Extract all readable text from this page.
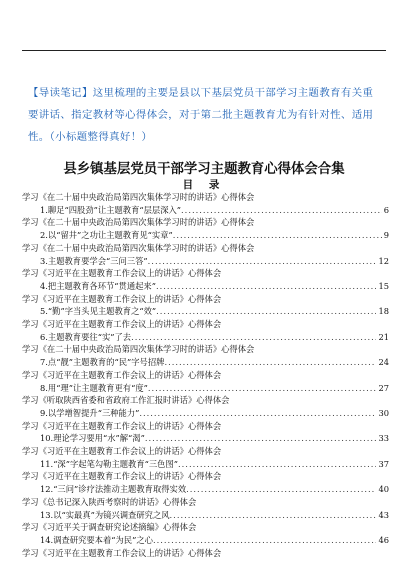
【导读笔记】这里梳理的主要是县以下基层党员干部学习主题教育有关重要讲话、指定教材等心得体会，对于第二批主题教育尤为有针对性、适用性。（小标题整得真好！）
县乡镇基层党员干部学习主题教育心得体会合集
目 录
学习《在二十届中央政治局第四次集体学习时的讲话》心得体会
1.聊足“四股劲”让主题教育“层层深入” .....	6
学习《在二十届中央政治局第四次集体学习时的讲话》心得体会
2.以“留井”之功让主题教育见“实章” .....	9
学习《在二十届中央政治局第四次集体学习时的讲话》心得体会
3.主题教育要学会“三问三答” .....	12
学习《习近平在主题教育工作会议上的讲话》心得体会
4.把主题教育各环节“贯通起来” .....	15
学习《习近平在主题教育工作会议上的讲话》心得体会
5.“勤”字当头见主题教育之“效” .....	18
学习《习近平在主题教育工作会议上的讲话》心得体会
6.主题教育要往“实”了去 .....	21
学习《在二十届中央政治局第四次集体学习时的讲话》心得体会
7.点“靓”主题教育的“民”字号招牌 .....	24
学习《习近平在主题教育工作会议上的讲话》心得体会
8.用“理”让主题教育更有“度” .....	27
学习《听取陕西省委和省政府工作汇报时讲话》心得体会
9.以学增智提升“三种能力” .....	30
学习《习近平在主题教育工作会议上的讲话》心得体会
10.理论学习要用“水”解“渴” .....	33
学习《习近平在主题教育工作会议上的讲话》心得体会
11.“深”字起笔勾勒主题教育“三色图” .....	37
学习《习近平在主题教育工作会议上的讲话》心得体会
12.“三问”诊疗法推动主题教育取得实效 .....	40
学习《总书记深入陕西考察时的讲话》心得体会
13.以“实最真”为镜兴调查研究之风 .....	43
学习《习近平关于调查研究论述摘编》心得体会
14.调查研究要本着“为民”之心 .....	46
学习《习近平在主题教育工作会议上的讲话》心得体会
